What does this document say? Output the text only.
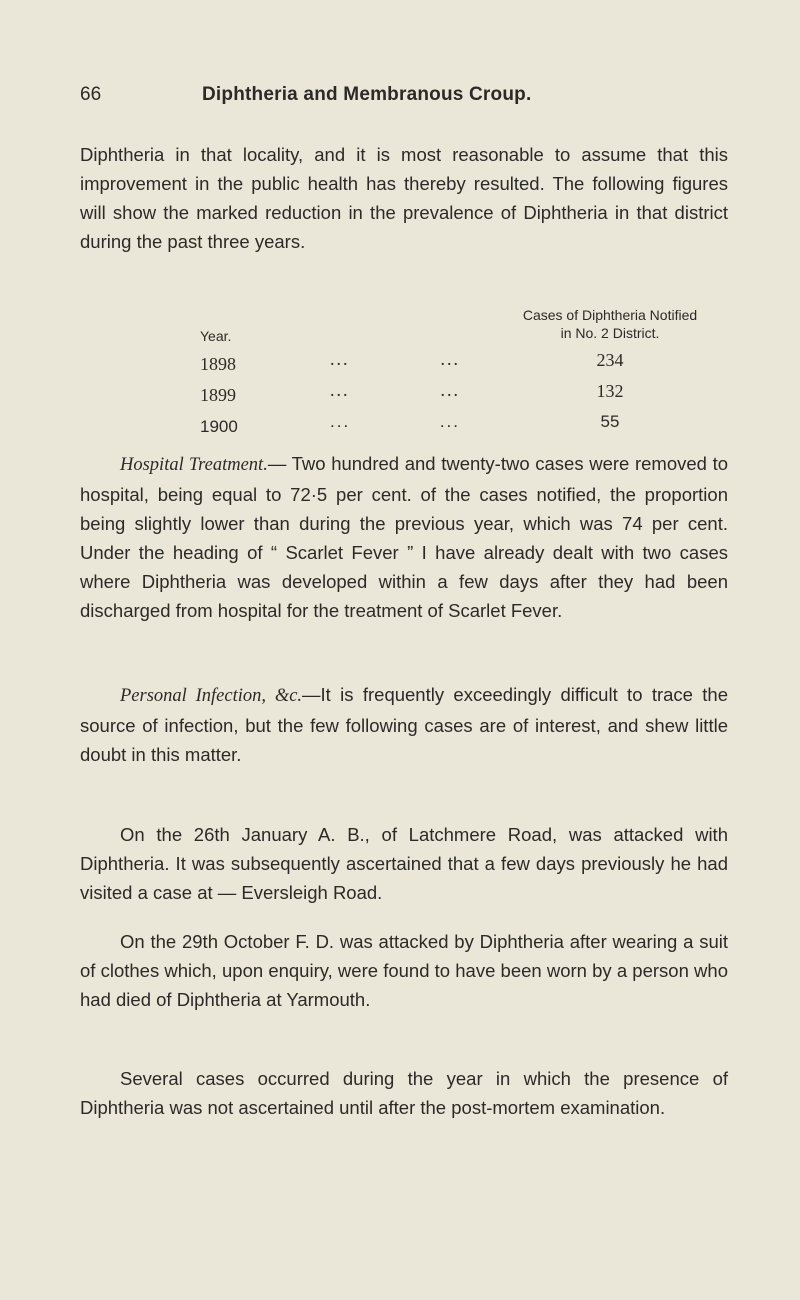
66	Diphtheria and Membranous Croup.

Diphtheria in that locality, and it is most reasonable to assume that this improvement in the public health has thereby resulted. The following figures will show the marked reduction in the prevalence of Diphtheria in that district during the past three years.

Year.		Cases of Diphtheria Notified
in No. 2 District.

1898	... ...	234
1899	... ...	132
1900	... ...	55

Hospital Treatment.— Two hundred and twenty-two cases were removed to hospital, being equal to 72·5 per cent. of the cases notified, the proportion being slightly lower than during the previous year, which was 74 per cent. Under the heading of “ Scarlet Fever ” I have already dealt with two cases where Diphtheria was developed within a few days after they had been discharged from hospital for the treatment of Scarlet Fever.

Personal Infection, &c.—It is frequently exceedingly difficult to trace the source of infection, but the few following cases are of interest, and shew little doubt in this matter.

On the 26th January A. B., of Latchmere Road, was attacked with Diphtheria. It was subsequently ascertained that a few days previously he had visited a case at — Eversleigh Road.

On the 29th October F. D. was attacked by Diphtheria after wearing a suit of clothes which, upon enquiry, were found to have been worn by a person who had died of Diphtheria at Yarmouth.

Several cases occurred during the year in which the presence of Diphtheria was not ascertained until after the post-mortem examination.
